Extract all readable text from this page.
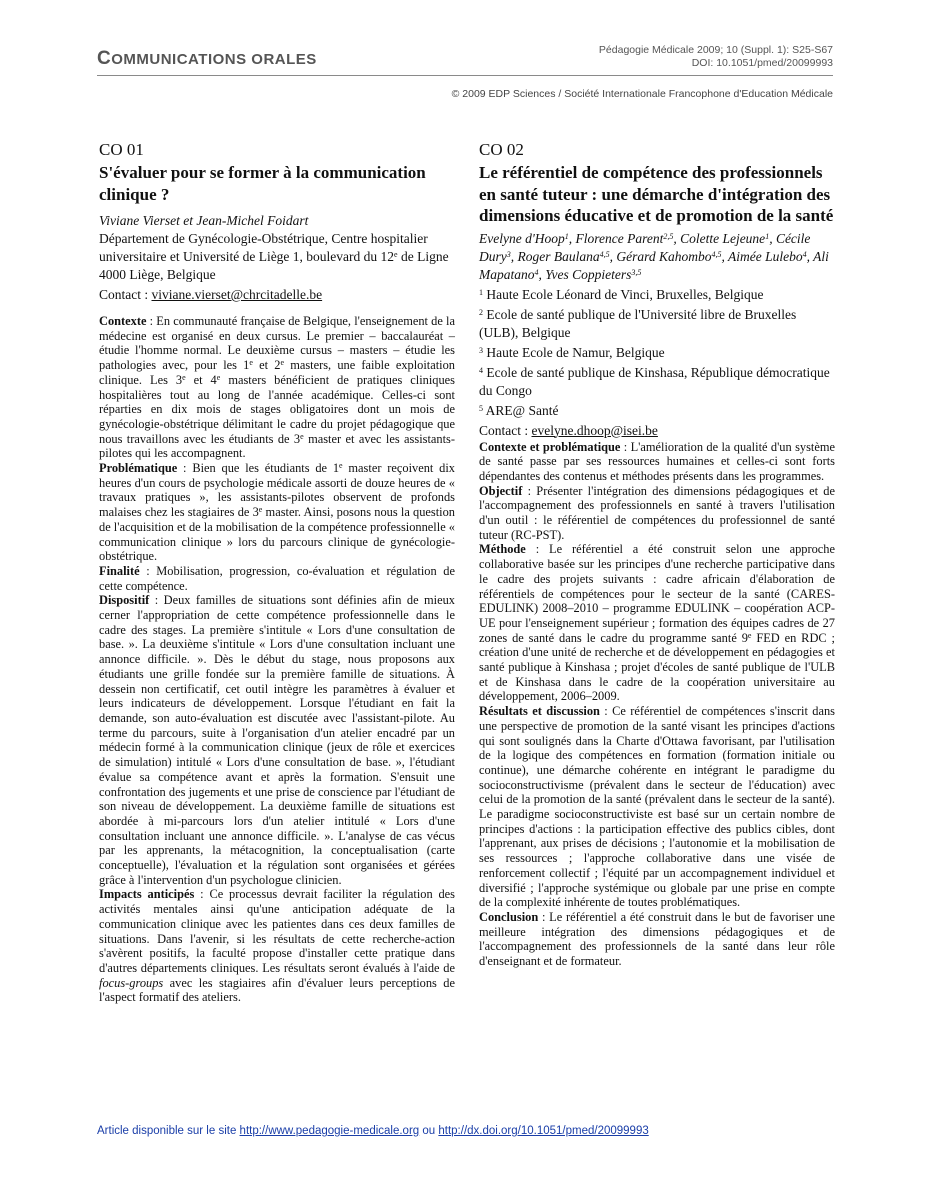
COMMUNICATIONS ORALES
Pédagogie Médicale 2009; 10 (Suppl. 1): S25-S67
DOI: 10.1051/pmed/20099993
© 2009 EDP Sciences / Société Internationale Francophone d'Education Médicale
CO 01
S'évaluer pour se former à la communication clinique ?
Viviane Vierset et Jean-Michel Foidart
Département de Gynécologie-Obstétrique, Centre hospitalier universitaire et Université de Liège 1, boulevard du 12e de Ligne 4000 Liège, Belgique
Contact : viviane.vierset@chrcitadelle.be

Contexte : En communauté française de Belgique, l'enseignement de la médecine est organisé en deux cursus. Le premier – baccalauréat – étudie l'homme normal. Le deuxième cursus – masters – étudie les pathologies avec, pour les 1e et 2e masters, une faible exploitation clinique. Les 3e et 4e masters bénéficient de pratiques cliniques hospitalières tout au long de l'année académique. Celles-ci sont réparties en dix mois de stages obligatoires dont un mois de gynécologie-obstétrique délimitant le cadre du projet pédagogique que nous travaillons avec les étudiants de 3e master et avec les assistants-pilotes qui les accompagnent.

Problématique : Bien que les étudiants de 1e master reçoivent dix heures d'un cours de psychologie médicale assorti de douze heures de « travaux pratiques », les assistants-pilotes observent de profonds malaises chez les stagiaires de 3e master. Ainsi, posons nous la question de l'acquisition et de la mobilisation de la compétence professionnelle « communication clinique » lors du parcours clinique de gynécologie-obstétrique.

Finalité : Mobilisation, progression, co-évaluation et régulation de cette compétence.

Dispositif : Deux familles de situations sont définies afin de mieux cerner l'appropriation de cette compétence professionnelle dans le cadre des stages. La première s'intitule « Lors d'une consultation de base. ». La deuxième s'intitule « Lors d'une consultation incluant une annonce difficile. ». Dès le début du stage, nous proposons aux étudiants une grille fondée sur la première famille de situations. À dessein non certificatif, cet outil intègre les paramètres à évaluer et leurs indicateurs de développement. Lorsque l'étudiant en fait la demande, son auto-évaluation est discutée avec l'assistant-pilote. Au terme du parcours, suite à l'organisation d'un atelier encadré par un médecin formé à la communication clinique (jeux de rôle et exercices de simulation) intitulé « Lors d'une consultation de base. », l'étudiant évalue sa compétence avant et après la formation. S'ensuit une confrontation des jugements et une prise de conscience par l'étudiant de son niveau de développement. La deuxième famille de situations est abordée à mi-parcours lors d'un atelier intitulé « Lors d'une consultation incluant une annonce difficile. ». L'analyse de cas vécus par les apprenants, la métacognition, la conceptualisation (carte conceptuelle), l'évaluation et la régulation sont organisées et gérées grâce à l'intervention d'un psychologue clinicien.

Impacts anticipés : Ce processus devrait faciliter la régulation des activités mentales ainsi qu'une anticipation adéquate de la communication clinique avec les patientes dans ces deux familles de situations. Dans l'avenir, si les résultats de cette recherche-action s'avèrent positifs, la faculté propose d'installer cette pratique dans d'autres départements cliniques. Les résultats seront évalués à l'aide de focus-groups avec les stagiaires afin d'évaluer leurs perceptions de l'aspect formatif des ateliers.

CO 02
Le référentiel de compétence des professionnels en santé tuteur : une démarche d'intégration des dimensions éducative et de promotion de la santé
Evelyne d'Hoop$^1$, Florence Parent$^{2,5}$, Colette Lejeune$^1$, Cécile Dury$^3$, Roger Baulana$^{4,5}$, Gérard Kahombo$^{4,5}$, Aimée Lulebo$^4$, Ali Mapatano$^4$, Yves Coppieters$^{3,5}$
$^1$ Haute Ecole Léonard de Vinci, Bruxelles, Belgique
$^2$ Ecole de santé publique de l'Université libre de Bruxelles (ULB), Belgique
$^3$ Haute Ecole de Namur, Belgique
$^4$ Ecole de santé publique de Kinshasa, République démocratique du Congo
$^5$ ARE@ Santé
Contact : evelyne.dhoop@isei.be

Contexte et problématique : L'amélioration de la qualité d'un système de santé passe par ses ressources humaines et celles-ci sont forts dépendantes des contenus et méthodes présents dans les programmes.

Objectif : Présenter l'intégration des dimensions pédagogiques et de l'accompagnement des professionnels en santé à travers l'utilisation d'un outil : le référentiel de compétences du professionnel de santé tuteur (RC-PST).

Méthode : Le référentiel a été construit selon une approche collaborative basée sur les principes d'une recherche participative dans le cadre des projets suivants : cadre africain d'élaboration de référentiels de compétences pour le secteur de la santé (CARES-EDULINK) 2008–2010 – programme EDULINK – coopération ACP-UE pour l'enseignement supérieur ; formation des équipes cadres de 27 zones de santé dans le cadre du programme santé 9e FED en RDC ; création d'une unité de recherche et de développement en pédagogies et santé publique à Kinshasa ; projet d'écoles de santé publique de l'ULB et de Kinshasa dans le cadre de la coopération universitaire au développement, 2006–2009.

Résultats et discussion : Ce référentiel de compétences s'inscrit dans une perspective de promotion de la santé visant les principes d'actions qui sont soulignés dans la Charte d'Ottawa favorisant, par l'utilisation de la logique des compétences en formation (formation initiale ou continue), une démarche cohérente en intégrant le paradigme du socioconstructivisme (prévalent dans le secteur de l'éducation) avec celui de la promotion de la santé (prévalent dans le secteur de la santé). Le paradigme socioconstructiviste est basé sur un certain nombre de principes d'actions : la participation effective des publics cibles, dont l'apprenant, aux prises de décisions ; l'autonomie et la mobilisation de ses ressources ; l'approche collaborative dans une visée de renforcement collectif ; l'équité par un accompagnement individuel et diversifié ; l'approche systémique ou globale par une prise en compte de la complexité inhérente de toutes problématiques.

Conclusion : Le référentiel a été construit dans le but de favoriser une meilleure intégration des dimensions pédagogiques et de l'accompagnement des professionnels de la santé dans leur rôle d'enseignant et de formateur.

Article disponible sur le site http://www.pedagogie-medicale.org ou http://dx.doi.org/10.1051/pmed/20099993
